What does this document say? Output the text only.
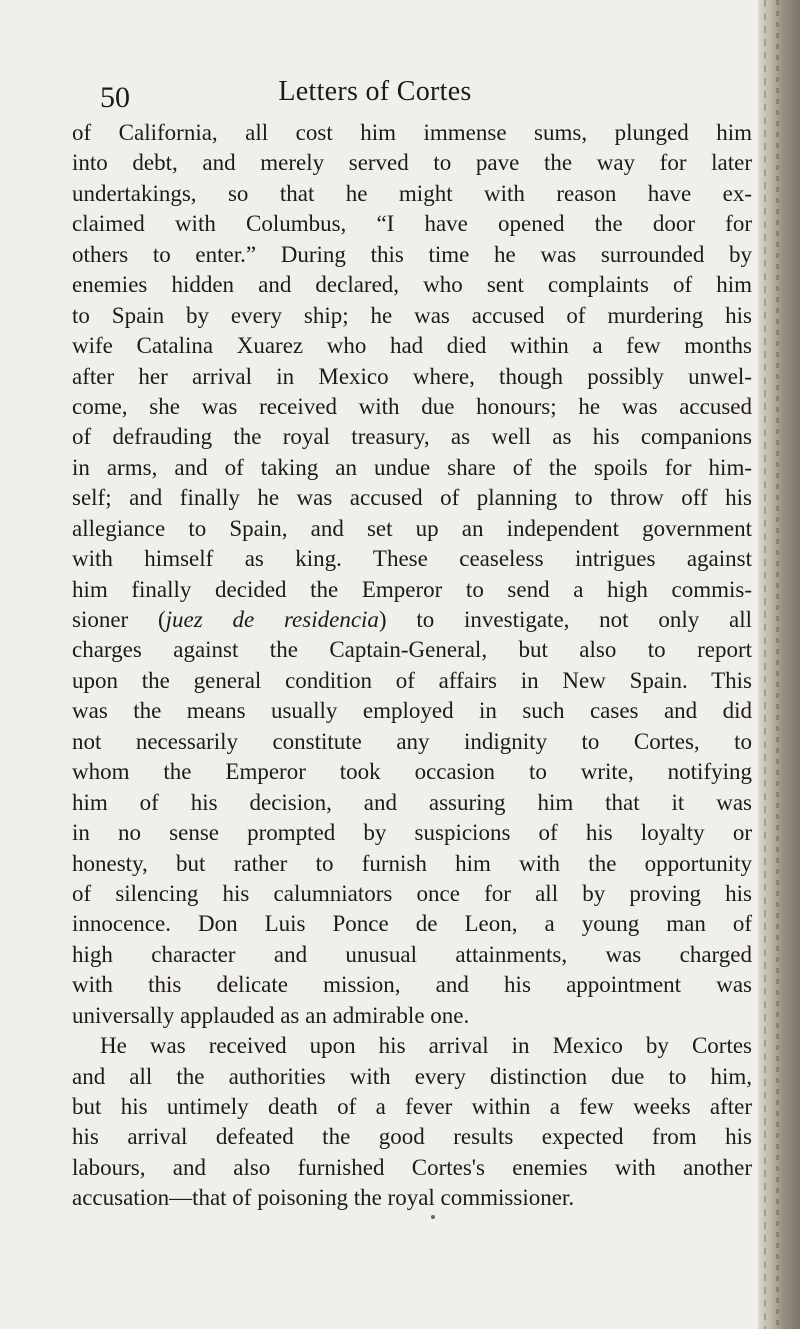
50	Letters of Cortes
of California, all cost him immense sums, plunged him
into debt, and merely served to pave the way for later
undertakings, so that he might with reason have ex-
claimed with Columbus, “I have opened the door for
others to enter.” During this time he was surrounded by
enemies hidden and declared, who sent complaints of him
to Spain by every ship; he was accused of murdering his
wife Catalina Xuarez who had died within a few months
after her arrival in Mexico where, though possibly unwel-
come, she was received with due honours; he was accused
of defrauding the royal treasury, as well as his companions
in arms, and of taking an undue share of the spoils for him-
self; and finally he was accused of planning to throw off his
allegiance to Spain, and set up an independent government
with himself as king. These ceaseless intrigues against
him finally decided the Emperor to send a high commis-
sioner (juez de residencia) to investigate, not only all
charges against the Captain-General, but also to report
upon the general condition of affairs in New Spain. This
was the means usually employed in such cases and did
not necessarily constitute any indignity to Cortes, to
whom the Emperor took occasion to write, notifying
him of his decision, and assuring him that it was
in no sense prompted by suspicions of his loyalty or
honesty, but rather to furnish him with the opportunity
of silencing his calumniators once for all by proving his
innocence. Don Luis Ponce de Leon, a young man of
high character and unusual attainments, was charged
with this delicate mission, and his appointment was
universally applauded as an admirable one.
He was received upon his arrival in Mexico by Cortes
and all the authorities with every distinction due to him,
but his untimely death of a fever within a few weeks after
his arrival defeated the good results expected from his
labours, and also furnished Cortes's enemies with another
accusation—that of poisoning the royal commissioner.
